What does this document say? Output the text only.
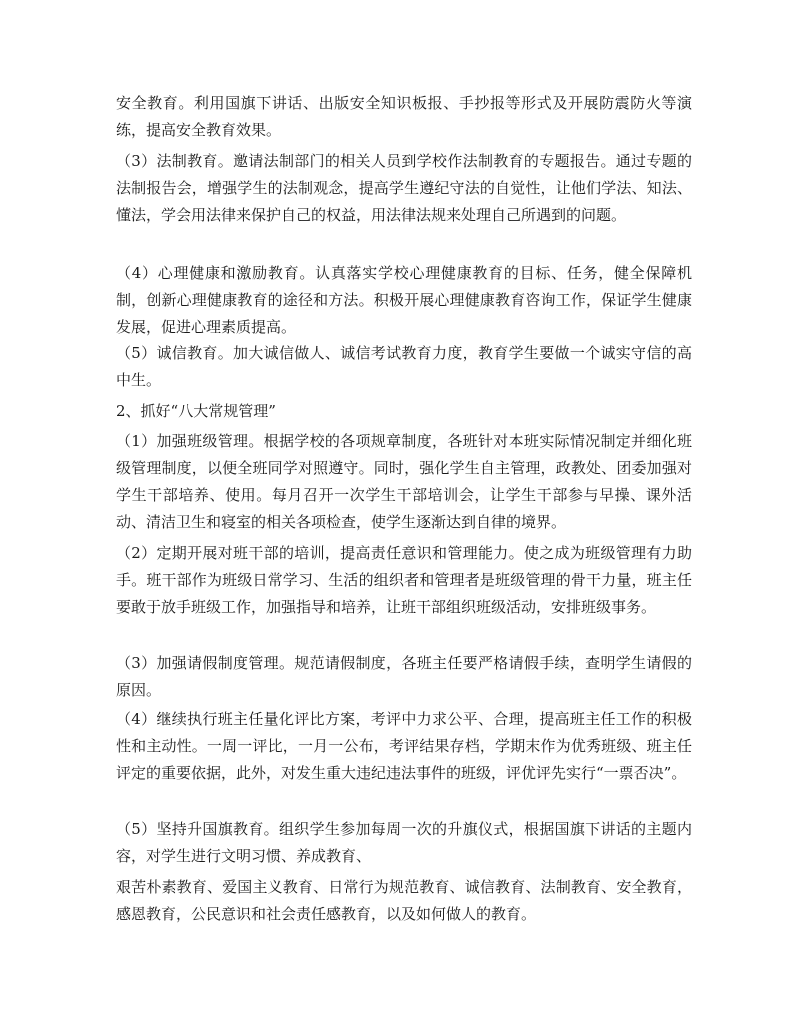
安全教育。利用国旗下讲话、出版安全知识板报、手抄报等形式及开展防震防火等演练，提高安全教育效果。

（3）法制教育。邀请法制部门的相关人员到学校作法制教育的专题报告。通过专题的法制报告会，增强学生的法制观念，提高学生遵纪守法的自觉性，让他们学法、知法、懂法，学会用法律来保护自己的权益，用法律法规来处理自己所遇到的问题。

（4）心理健康和激励教育。认真落实学校心理健康教育的目标、任务，健全保障机制，创新心理健康教育的途径和方法。积极开展心理健康教育咨询工作，保证学生健康发展，促进心理素质提高。

（5）诚信教育。加大诚信做人、诚信考试教育力度，教育学生要做一个诚实守信的高中生。

2、抓好“八大常规管理”

（1）加强班级管理。根据学校的各项规章制度，各班针对本班实际情况制定并细化班级管理制度，以便全班同学对照遵守。同时，强化学生自主管理，政教处、团委加强对学生干部培养、使用。每月召开一次学生干部培训会，让学生干部参与早操、课外活动、清洁卫生和寝室的相关各项检查，使学生逐渐达到自律的境界。

（2）定期开展对班干部的培训，提高责任意识和管理能力。使之成为班级管理有力助手。班干部作为班级日常学习、生活的组织者和管理者是班级管理的骨干力量，班主任要敢于放手班级工作，加强指导和培养，让班干部组织班级活动，安排班级事务。

（3）加强请假制度管理。规范请假制度，各班主任要严格请假手续，查明学生请假的原因。

（4）继续执行班主任量化评比方案，考评中力求公平、合理，提高班主任工作的积极性和主动性。一周一评比，一月一公布，考评结果存档，学期末作为优秀班级、班主任评定的重要依据，此外，对发生重大违纪违法事件的班级，评优评先实行“一票否决”。

（5）坚持升国旗教育。组织学生参加每周一次的升旗仪式，根据国旗下讲话的主题内容，对学生进行文明习惯、养成教育、

艰苦朴素教育、爱国主义教育、日常行为规范教育、诚信教育、法制教育、安全教育，感恩教育，公民意识和社会责任感教育，以及如何做人的教育。
